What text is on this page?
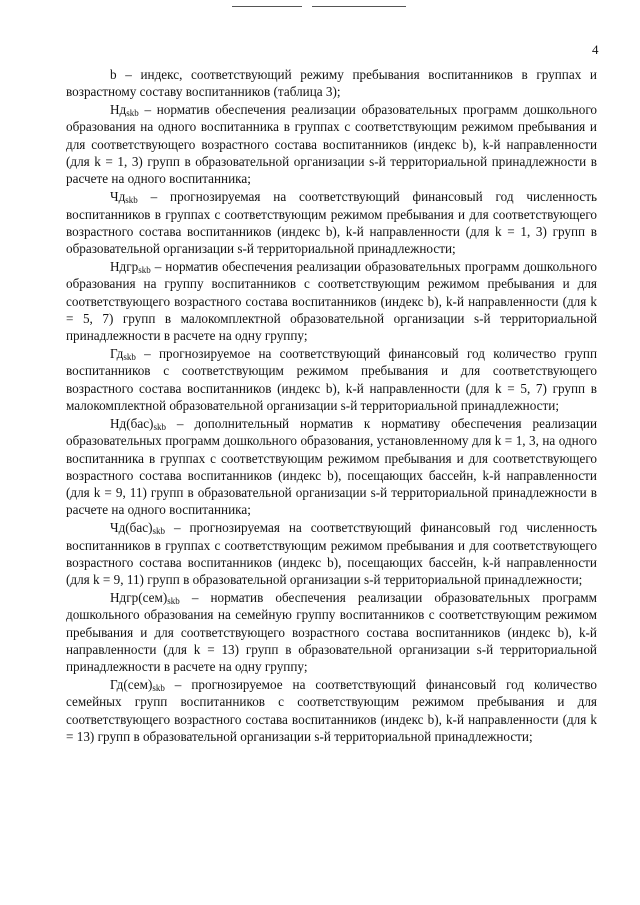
4

b – индекс, соответствующий режиму пребывания воспитанников в группах и возрастному составу воспитанников (таблица 3);

$Нд_{skb}$ – норматив обеспечения реализации образовательных программ дошкольного образования на одного воспитанника в группах с соответствующим режимом пребывания и для соответствующего возрастного состава воспитанников (индекс b), k-й направленности (для k = 1, 3) групп в образовательной организации s-й территориальной принадлежности в расчете на одного воспитанника;

$Чд_{skb}$ – прогнозируемая на соответствующий финансовый год численность воспитанников в группах с соответствующим режимом пребывания и для соответствующего возрастного состава воспитанников (индекс b), k-й направленности (для k = 1, 3) групп в образовательной организации s-й территориальной принадлежности;

Ндгр$_{skb}$ – норматив обеспечения реализации образовательных программ дошкольного образования на группу воспитанников с соответствующим режимом пребывания и для соответствующего возрастного состава воспитанников (индекс b), k-й направленности (для k = 5, 7) групп в малокомплектной образовательной организации s-й территориальной принадлежности в расчете на одну группу;

$Гд_{skb}$ – прогнозируемое на соответствующий финансовый год количество групп воспитанников с соответствующим режимом пребывания и для соответствующего возрастного состава воспитанников (индекс b), k-й направленности (для k = 5, 7) групп в малокомплектной образовательной организации s-й территориальной принадлежности;

$Нд(бас)_{skb}$ – дополнительный норматив к нормативу обеспечения реализации образовательных программ дошкольного образования, установленному для k = 1, 3, на одного воспитанника в группах с соответствующим режимом пребывания и для соответствующего возрастного состава воспитанников (индекс b), посещающих бассейн, k-й направленности (для k = 9, 11) групп в образовательной организации s-й территориальной принадлежности в расчете на одного воспитанника;

$Чд(бас)_{skb}$ – прогнозируемая на соответствующий финансовый год численность воспитанников в группах с соответствующим режимом пребывания и для соответствующего возрастного состава воспитанников (индекс b), посещающих бассейн, k-й направленности (для k = 9, 11) групп в образовательной организации s-й территориальной принадлежности;

$Ндгр(сем)_{skb}$ – норматив обеспечения реализации образовательных программ дошкольного образования на семейную группу воспитанников с соответствующим режимом пребывания и для соответствующего возрастного состава воспитанников (индекс b), k-й направленности (для k = 13) групп в образовательной организации s-й территориальной принадлежности в расчете на одну группу;

$Гд(сем)_{skb}$ – прогнозируемое на соответствующий финансовый год количество семейных групп воспитанников с соответствующим режимом пребывания и для соответствующего возрастного состава воспитанников (индекс b), k-й направленности (для k = 13) групп в образовательной организации s-й территориальной принадлежности;
